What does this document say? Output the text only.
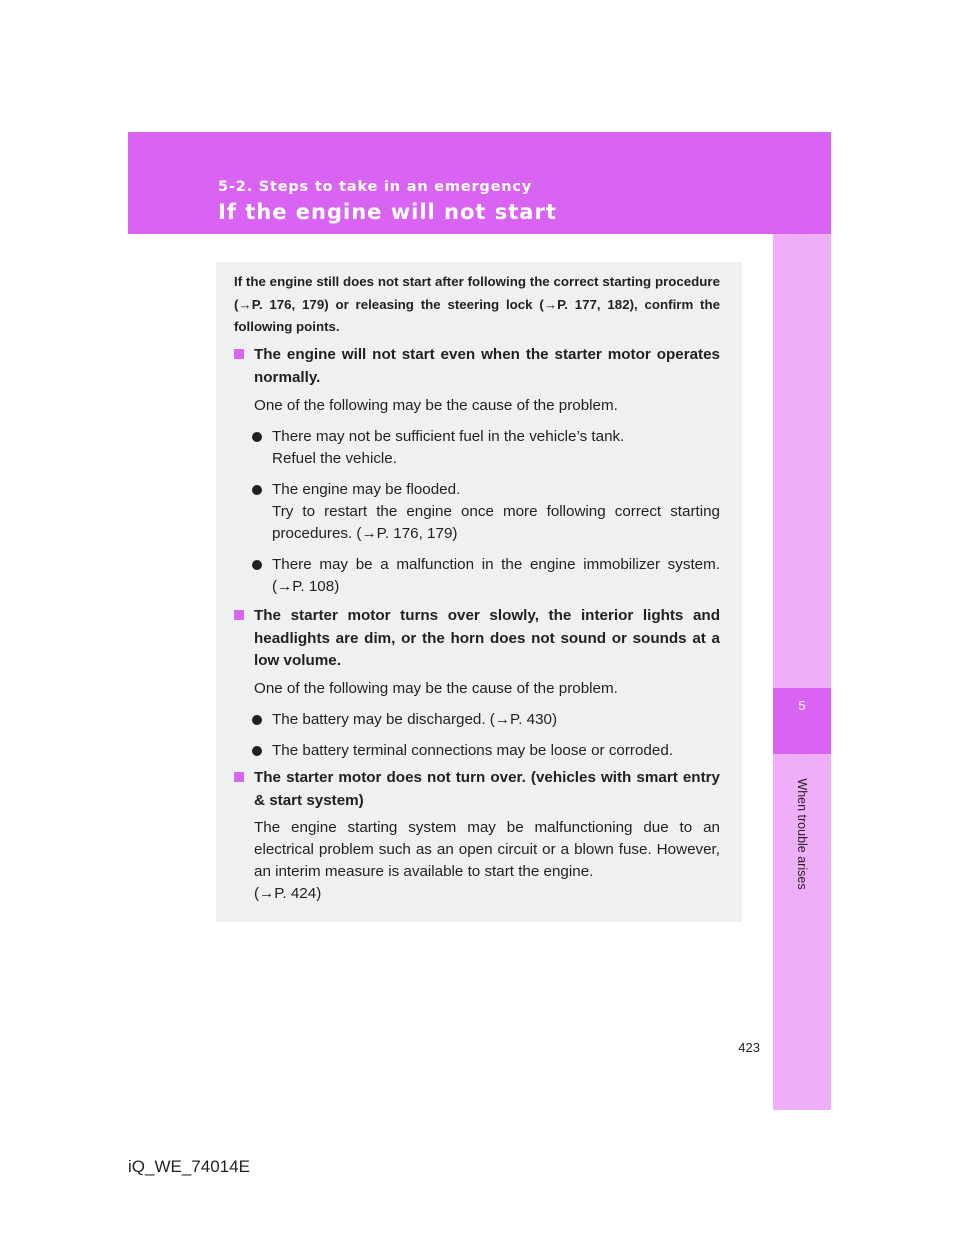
5-2. Steps to take in an emergency
If the engine will not start
5
When trouble arises
If the engine still does not start after following the correct starting procedure (→P. 176, 179) or releasing the steering lock (→P. 177, 182), confirm the following points.
The engine will not start even when the starter motor operates normally.
One of the following may be the cause of the problem.
There may not be sufficient fuel in the vehicle’s tank.
Refuel the vehicle.
The engine may be flooded.
Try to restart the engine once more following correct starting procedures. (→P. 176, 179)
There may be a malfunction in the engine immobilizer system. (→P. 108)
The starter motor turns over slowly, the interior lights and headlights are dim, or the horn does not sound or sounds at a low volume.
One of the following may be the cause of the problem.
The battery may be discharged. (→P. 430)
The battery terminal connections may be loose or corroded.
The starter motor does not turn over. (vehicles with smart entry & start system)
The engine starting system may be malfunctioning due to an electrical problem such as an open circuit or a blown fuse. However, an interim measure is available to start the engine.
(→P. 424)
423
iQ_WE_74014E
